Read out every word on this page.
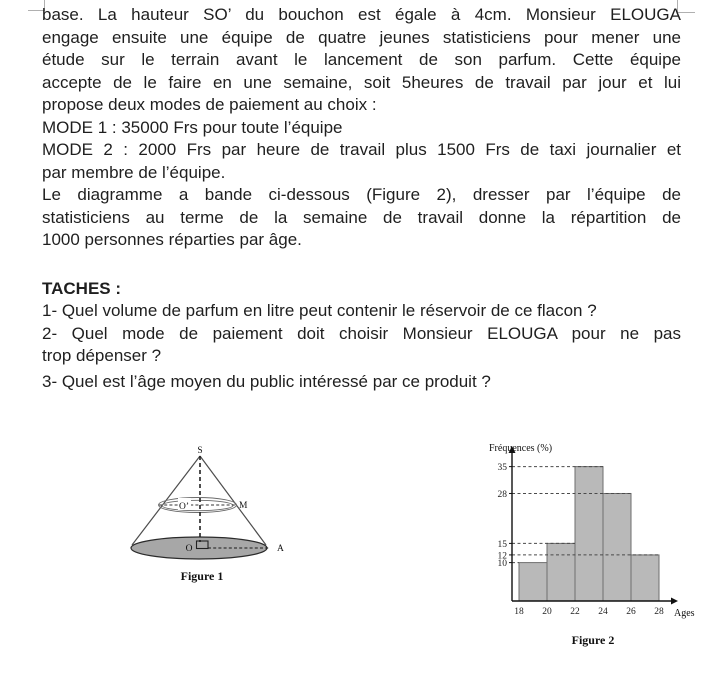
base. La hauteur SO’ du bouchon est égale à 4cm. Monsieur ELOUGA
engage ensuite une équipe de quatre jeunes statisticiens pour mener une
étude sur le terrain avant le lancement de son parfum. Cette équipe
accepte de le faire en une semaine, soit 5heures de travail par jour et lui
propose deux modes de paiement au choix :
MODE 1 : 35000 Frs pour toute l’équipe
MODE 2 : 2000 Frs par heure de travail plus 1500 Frs de taxi journalier et
par membre de l’équipe.
Le diagramme a bande ci-dessous (Figure 2), dresser par l’équipe de
statisticiens au terme de la semaine de travail donne la répartition de
1000 personnes réparties par âge.
TACHES :
1- Quel volume de parfum en litre peut contenir le réservoir de ce flacon ?
2- Quel mode de paiement doit choisir Monsieur ELOUGA pour ne pas
trop dépenser ?
3- Quel est l’âge moyen du public intéressé par ce produit ?
S
O’	M
O	A
Figure 1
10
12
15
28
35
18 20 22 24 26 28
Fréquences (%)
Ages
Figure 2
